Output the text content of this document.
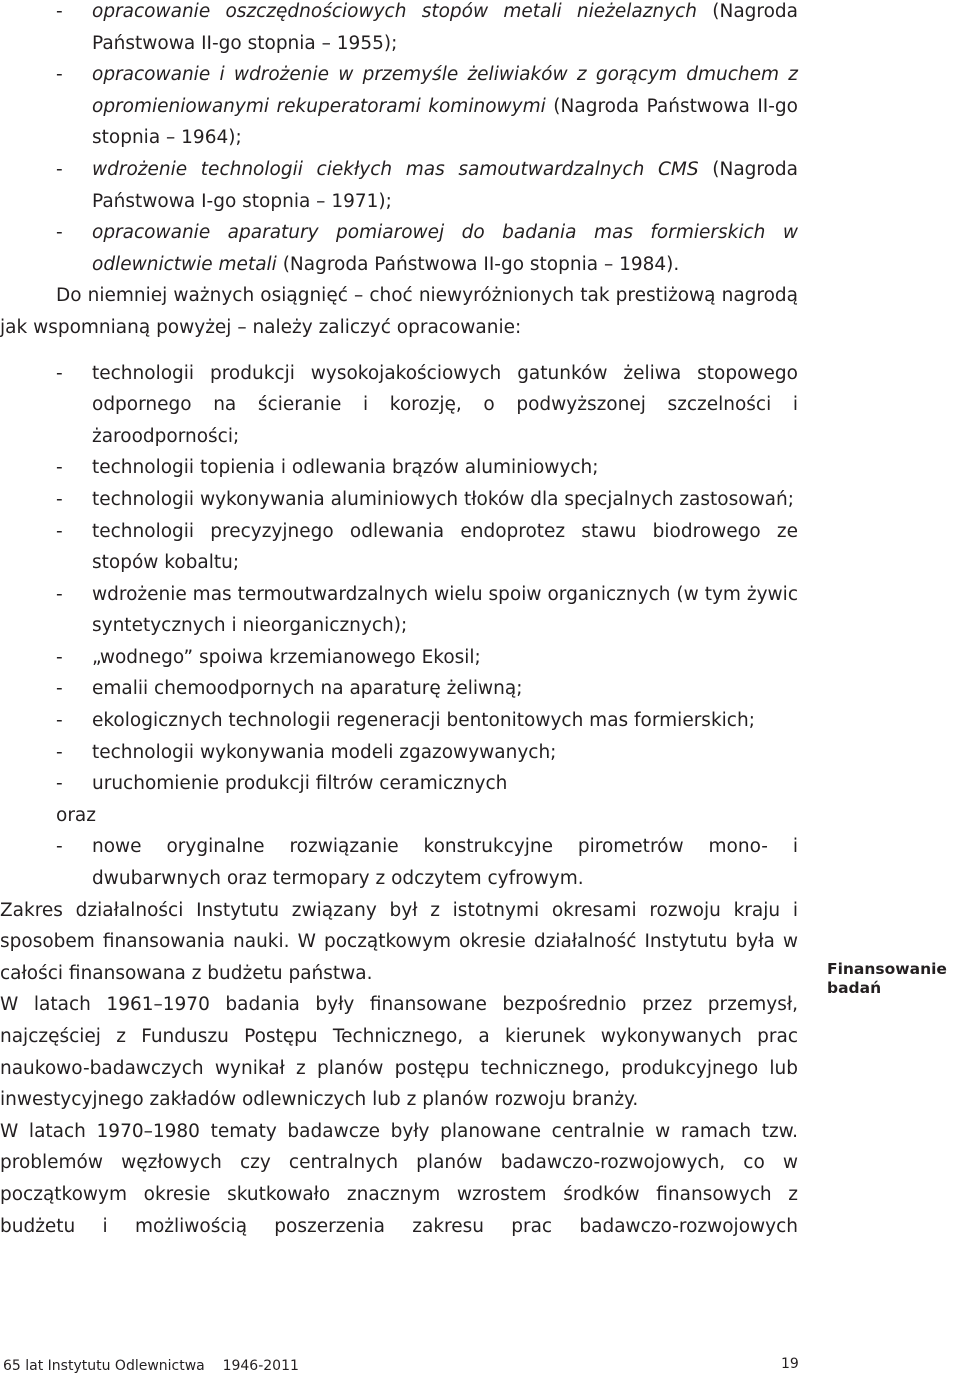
- opracowanie oszczędnościowych stopów metali nieżelaznych (Nagroda Państwowa II-go stopnia – 1955);
- opracowanie i wdrożenie w przemyśle żeliwiaków z gorącym dmuchem z opromieniowanymi rekuperatorami kominowymi (Nagroda Państwowa II-go stopnia – 1964);
- wdrożenie technologii ciekłych mas samoutwardzalnych CMS (Nagroda Państwowa I-go stopnia – 1971);
- opracowanie aparatury pomiarowej do badania mas formierskich w odlewnictwie metali (Nagroda Państwowa II-go stopnia – 1984).

Do niemniej ważnych osiągnięć – choć niewyróżnionych tak prestiżową nagrodą jak wspomnianą powyżej – należy zaliczyć opracowanie:

- technologii produkcji wysokojakościowych gatunków żeliwa stopowego odpornego na ścieranie i korozję, o podwyższonej szczelności i żaroodporności;
- technologii topienia i odlewania brązów aluminiowych;
- technologii wykonywania aluminiowych tłoków dla specjalnych zastosowań;
- technologii precyzyjnego odlewania endoprotez stawu biodrowego ze stopów kobaltu;
- wdrożenie mas termoutwardzalnych wielu spoiw organicznych (w tym żywic syntetycznych i nieorganicznych);
- „wodnego” spoiwa krzemianowego Ekosil;
- emalii chemoodpornych na aparaturę żeliwną;
- ekologicznych technologii regeneracji bentonitowych mas formierskich;
- technologii wykonywania modeli zgazowywanych;
- uruchomienie produkcji filtrów ceramicznych
oraz
- nowe oryginalne rozwiązanie konstrukcyjne pirometrów mono- i dwubarwnych oraz termopary z odczytem cyfrowym.

Zakres działalności Instytutu związany był z istotnymi okresami rozwoju kraju i sposobem finansowania nauki. W początkowym okresie działalność Instytutu była w całości finansowana z budżetu państwa.

W latach 1961–1970 badania były finansowane bezpośrednio przez przemysł, najczęściej z Funduszu Postępu Technicznego, a kierunek wykonywanych prac naukowo-badawczych wynikał z planów postępu technicznego, produkcyjnego lub inwestycyjnego zakładów odlewniczych lub z planów rozwoju branży.

W latach 1970–1980 tematy badawcze były planowane centralnie w ramach tzw. problemów węzłowych czy centralnych planów badawczo-rozwojowych, co w początkowym okresie skutkowało znacznym wzrostem środków finansowych z budżetu i możliwością poszerzenia zakresu prac badawczo-rozwojowych

Finansowanie badań
65 lat Instytutu Odlewnictwa 1946-2011	19
